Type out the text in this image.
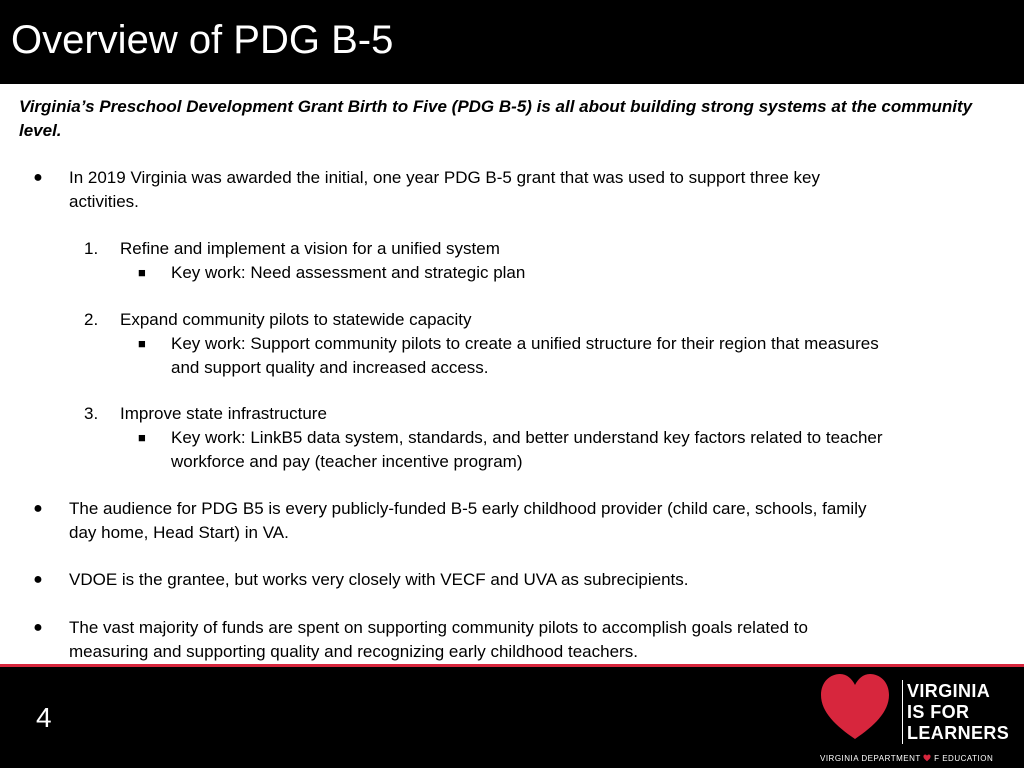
Overview of PDG B-5
Virginia’s Preschool Development Grant Birth to Five (PDG B-5) is all about building strong systems at the community level.
● In 2019 Virginia was awarded the initial, one year PDG B-5 grant that was used to support three key
activities.
1.	Refine and implement a vision for a unified system
■	Key work: Need assessment and strategic plan
2.	Expand community pilots to statewide capacity
■	Key work: Support community pilots to create a unified structure for their region that measures
and support quality and increased access.
3.	Improve state infrastructure
■	Key work: LinkB5 data system, standards, and better understand key factors related to teacher
workforce and pay (teacher incentive program)
● The audience for PDG B5 is every publicly-funded B-5 early childhood provider (child care, schools, family
day home, Head Start) in VA.
● VDOE is the grantee, but works very closely with VECF and UVA as subrecipients.
● The vast majority of funds are spent on supporting community pilots to accomplish goals related to
measuring and supporting quality and recognizing early childhood teachers.
4
VIRGINIA
IS FOR
LEARNERS
VIRGINIA DEPARTMENT F EDUCATION
